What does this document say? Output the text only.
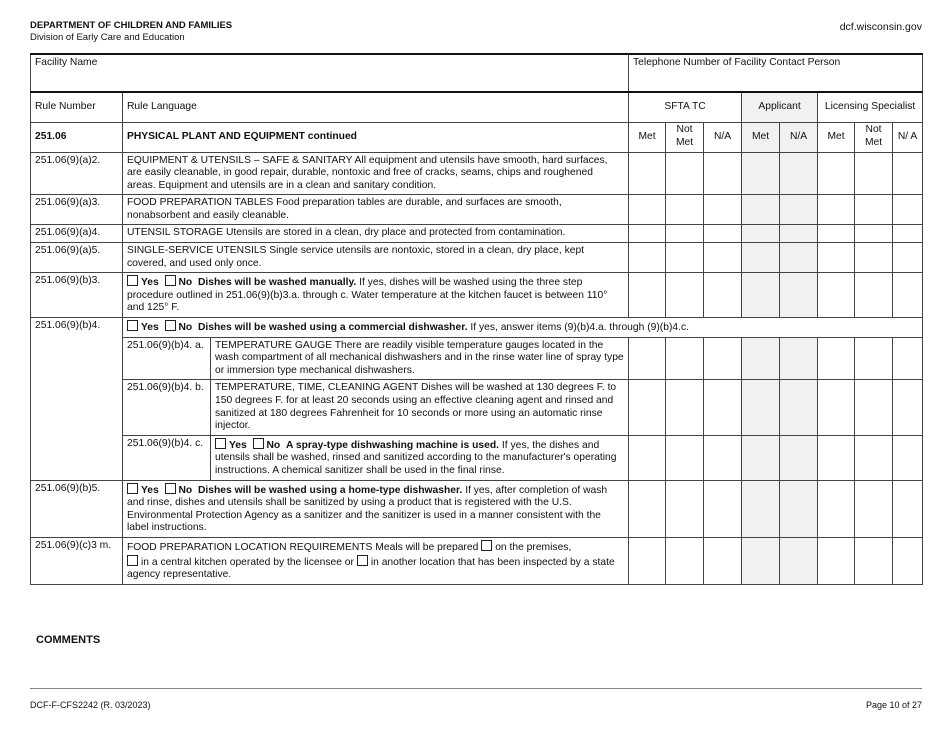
DEPARTMENT OF CHILDREN AND FAMILIES
Division of Early Care and Education
dcf.wisconsin.gov
Facility Name			Telephone Number of Facility Contact Person							
Rule Number	Rule Language		SFTA TC			Applicant		Licensing Specialist		
251.06	PHYSICAL PLANT AND EQUIPMENT continued		Met	Not Met	N/A	Met	N/A	Met	Not Met	N/ A
251.06(9)(a)2.	EQUIPMENT & UTENSILS – SAFE & SANITARY All equipment and utensils have smooth, hard surfaces, are easily cleanable, in good repair, durable, nontoxic and free of cracks, seams, chips and roughened areas. Equipment and utensils are in a clean and sanitary condition.									
251.06(9)(a)3.	FOOD PREPARATION TABLES Food preparation tables are durable, and surfaces are smooth, nonabsorbent and easily cleanable.									
251.06(9)(a)4.	UTENSIL STORAGE Utensils are stored in a clean, dry place and protected from contamination.									
251.06(9)(a)5.	SINGLE-SERVICE UTENSILS Single service utensils are nontoxic, stored in a clean, dry place, kept covered, and used only once.									
251.06(9)(b)3.	Yes No Dishes will be washed manually. If yes, dishes will be washed using the three step procedure outlined in 251.06(9)(b)3.a. through c. Water temperature at the kitchen faucet is between 110° and 125° F.									
251.06(9)(b)4.	Yes No Dishes will be washed using a commercial dishwasher. If yes, answer items (9)(b)4.a. through (9)(b)4.c.									
	251.06(9)(b)4. a.	TEMPERATURE GAUGE There are readily visible temperature gauges located in the wash compartment of all mechanical dishwashers and in the rinse water line of spray type or immersion type mechanical dishwashers.								
	251.06(9)(b)4. b.	TEMPERATURE, TIME, CLEANING AGENT Dishes will be washed at 130 degrees F. to 150 degrees F. for at least 20 seconds using an effective cleaning agent and rinsed and sanitized at 180 degrees Fahrenheit for 10 seconds or more using an automatic rinse injector.								
	251.06(9)(b)4. c.	Yes No A spray-type dishwashing machine is used. If yes, the dishes and utensils shall be washed, rinsed and sanitized according to the manufacturer's operating instructions. A chemical sanitizer shall be used in the final rinse.								
251.06(9)(b)5.	Yes No Dishes will be washed using a home-type dishwasher. If yes, after completion of wash and rinse, dishes and utensils shall be sanitized by using a product that is registered with the U.S. Environmental Protection Agency as a sanitizer and the sanitizer is used in a manner consistent with the label instructions.									
251.06(9)(c)3 m.	FOOD PREPARATION LOCATION REQUIREMENTS Meals will be prepared on the premises,
in a central kitchen operated by the licensee or in another location that has been inspected by a state agency representative.									
COMMENTS
DCF-F-CFS2242 (R. 03/2023)	Page 10 of 27
